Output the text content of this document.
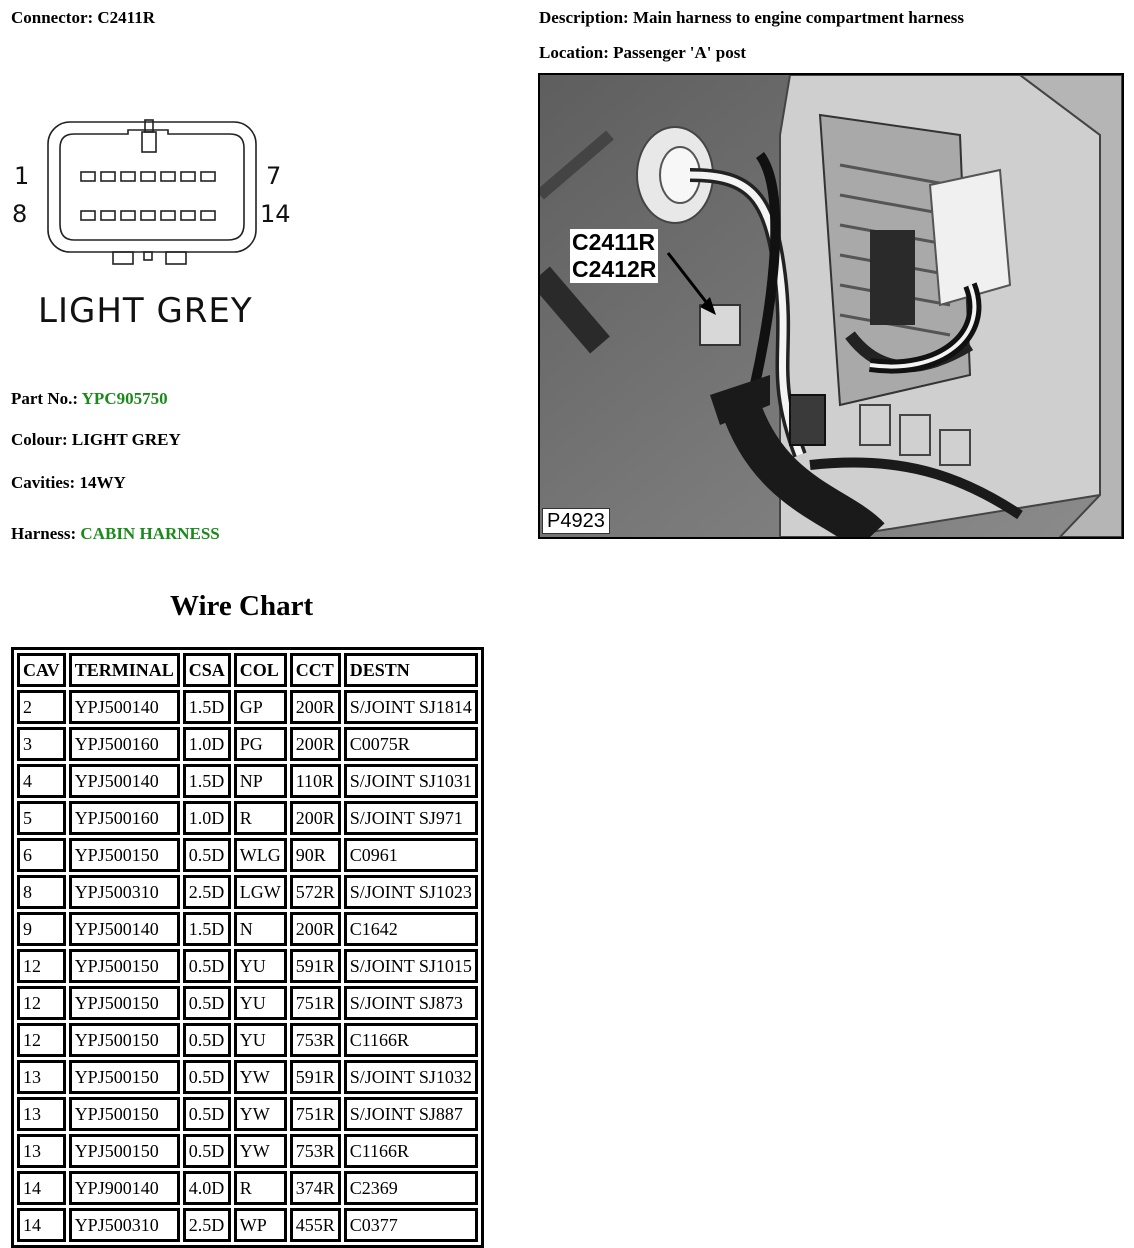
Connector: C2411R	Description: Main harness to engine compartment harness
Location: Passenger 'A' post
1	7
8	14
LIGHT GREY
Part No.: YPC905750
Colour: LIGHT GREY
Cavities: 14WY
Harness: CABIN HARNESS
C2411R
C2412R
P4923
Wire Chart
CAV	TERMINAL	CSA	COL	CCT	DESTN
2	YPJ500140	1.5D	GP	200R	S/JOINT SJ1814
3	YPJ500160	1.0D	PG	200R	C0075R
4	YPJ500140	1.5D	NP	110R	S/JOINT SJ1031
5	YPJ500160	1.0D	R	200R	S/JOINT SJ971
6	YPJ500150	0.5D	WLG	90R	C0961
8	YPJ500310	2.5D	LGW	572R	S/JOINT SJ1023
9	YPJ500140	1.5D	N	200R	C1642
12	YPJ500150	0.5D	YU	591R	S/JOINT SJ1015
12	YPJ500150	0.5D	YU	751R	S/JOINT SJ873
12	YPJ500150	0.5D	YU	753R	C1166R
13	YPJ500150	0.5D	YW	591R	S/JOINT SJ1032
13	YPJ500150	0.5D	YW	751R	S/JOINT SJ887
13	YPJ500150	0.5D	YW	753R	C1166R
14	YPJ900140	4.0D	R	374R	C2369
14	YPJ500310	2.5D	WP	455R	C0377
